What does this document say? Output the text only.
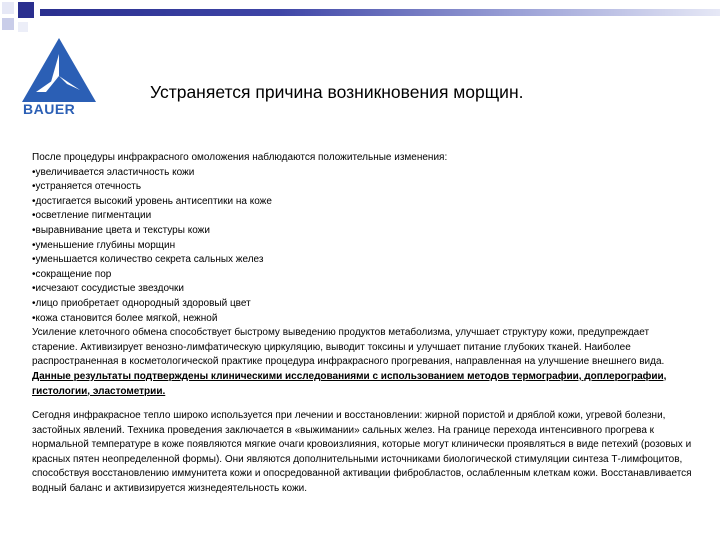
BAUER
Устраняется причина возникновения морщин.

После процедуры инфракрасного омоложения наблюдаются положительные изменения:

•увеличивается эластичность кожи

•устраняется отечность

•достигается высокий уровень антисептики на коже

•осветление пигментации

•выравнивание цвета и текстуры кожи

•уменьшение глубины морщин

•уменьшается количество секрета сальных желез

•сокращение пор

•исчезают сосудистые звездочки

•лицо приобретает однородный здоровый цвет

•кожа становится более мягкой, нежной

Усиление клеточного обмена способствует быстрому выведению продуктов метаболизма, улучшает структуру кожи, предупреждает старение. Активизирует венозно-лимфатическую циркуляцию, выводит токсины и улучшает питание глубоких тканей. Наиболее распространенная в косметологической практике процедура инфракрасного прогревания, направленная на улучшение внешнего вида. Данные результаты подтверждены клиническими исследованиями с использованием методов термографии, доплерографии, гистологии, эластометрии.

Сегодня инфракрасное тепло широко используется при лечении и восстановлении: жирной пористой и дряблой кожи, угревой болезни, застойных явлений. Техника проведения заключается в «выжимании» сальных желез. На границе перехода интенсивного прогрева к нормальной температуре в коже появляются мягкие очаги кровоизлияния, которые могут клинически проявляться в виде петехий (розовых и красных пятен неопределенной формы). Они являются дополнительными источниками биологической стимуляции синтеза Т-лимфоцитов, способствуя восстановлению иммунитета кожи и опосредованной активации фибробластов, ослабленным клеткам кожи. Восстанавливается водный баланс и активизируется жизнедеятельность кожи.
